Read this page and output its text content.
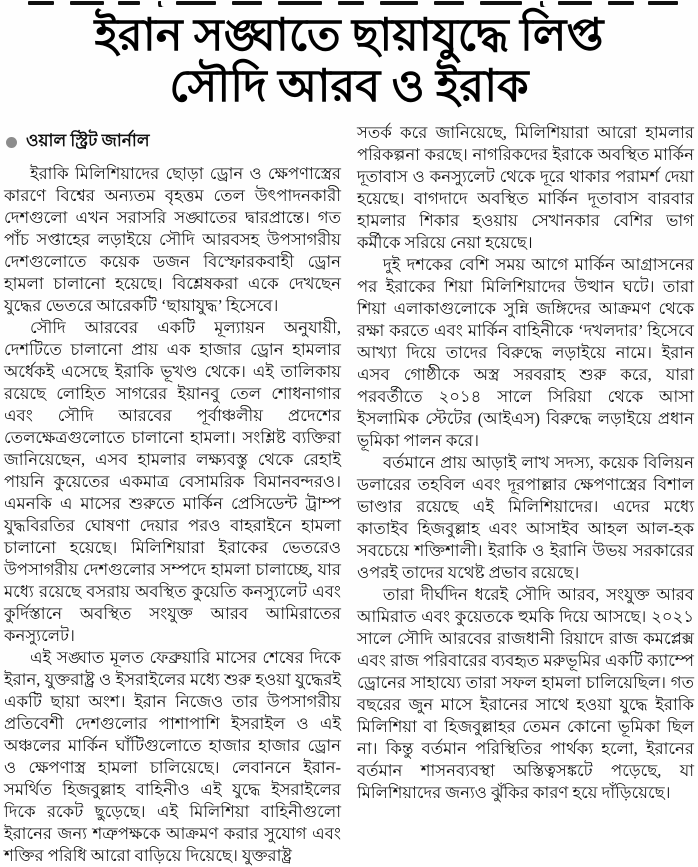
ইরান সঙ্ঘাতে ছায়াযুদ্ধে লিপ্ত
সৌদি আরব ও ইরাক
ওয়াল স্ট্রিট জার্নাল

ইরাকি মিলিশিয়াদের ছোড়া ড্রোন ও ক্ষেপণাস্ত্রের কারণে বিশ্বের অন্যতম বৃহত্তম তেল উৎপাদনকারী দেশগুলো এখন সরাসরি সঙ্ঘাতের দ্বারপ্রান্তে। গত পাঁচ সপ্তাহের লড়াইয়ে সৌদি আরবসহ উপসাগরীয় দেশগুলোতে কয়েক ডজন বিস্ফোরকবাহী ড্রোন হামলা চালানো হয়েছে। বিশ্লেষকরা একে দেখছেন যুদ্ধের ভেতরে আরেকটি ‘ছায়াযুদ্ধ’ হিসেবে।

সৌদি আরবের একটি মূল্যায়ন অনুযায়ী, দেশটিতে চালানো প্রায় এক হাজার ড্রোন হামলার অর্ধেকই এসেছে ইরাকি ভূখণ্ড থেকে। এই তালিকায় রয়েছে লোহিত সাগরের ইয়ানবু তেল শোধনাগার এবং সৌদি আরবের পূর্বাঞ্চলীয় প্রদেশের তেলক্ষেত্রগুলোতে চালানো হামলা। সংশ্লিষ্ট ব্যক্তিরা জানিয়েছেন, এসব হামলার লক্ষ্যবস্তু থেকে রেহাই পায়নি কুয়েতের একমাত্র বেসামরিক বিমানবন্দরও। এমনকি এ মাসের শুরুতে মার্কিন প্রেসিডেন্ট ট্রাম্প যুদ্ধবিরতির ঘোষণা দেয়ার পরও বাহরাইনে হামলা চালানো হয়েছে। মিলিশিয়ারা ইরাকের ভেতরেও উপসাগরীয় দেশগুলোর সম্পদে হামলা চালাচ্ছে, যার মধ্যে রয়েছে বসরায় অবস্থিত কুয়েতি কনস্যুলেট এবং কুর্দিস্তানে অবস্থিত সংযুক্ত আরব আমিরাতের কনস্যুলেট।

এই সঙ্ঘাত মূলত ফেব্রুয়ারি মাসের শেষের দিকে ইরান, যুক্তরাষ্ট্র ও ইসরাইলের মধ্যে শুরু হওয়া যুদ্ধেরই একটি ছায়া অংশ। ইরান নিজেও তার উপসাগরীয় প্রতিবেশী দেশগুলোর পাশাপাশি ইসরাইল ও এই অঞ্চলের মার্কিন ঘাঁটিগুলোতে হাজার হাজার ড্রোন ও ক্ষেপণাস্ত্র হামলা চালিয়েছে। লেবাননে ইরান-সমর্থিত হিজবুল্লাহ বাহিনীও এই যুদ্ধে ইসরাইলের দিকে রকেট ছুড়েছে। এই মিলিশিয়া বাহিনীগুলো ইরানের জন্য শত্রুপক্ষকে আক্রমণ করার সুযোগ এবং শক্তির পরিধি আরো বাড়িয়ে দিয়েছে। যুক্তরাষ্ট্র

সতর্ক করে জানিয়েছে, মিলিশিয়ারা আরো হামলার পরিকল্পনা করছে। নাগরিকদের ইরাকে অবস্থিত মার্কিন দূতাবাস ও কনস্যুলেট থেকে দূরে থাকার পরামর্শ দেয়া হয়েছে। বাগদাদে অবস্থিত মার্কিন দূতাবাস বারবার হামলার শিকার হওয়ায় সেখানকার বেশির ভাগ কর্মীকে সরিয়ে নেয়া হয়েছে।

দুই দশকের বেশি সময় আগে মার্কিন আগ্রাসনের পর ইরাকের শিয়া মিলিশিয়াদের উত্থান ঘটে। তারা শিয়া এলাকাগুলোকে সুন্নি জঙ্গিদের আক্রমণ থেকে রক্ষা করতে এবং মার্কিন বাহিনীকে ‘দখলদার’ হিসেবে আখ্যা দিয়ে তাদের বিরুদ্ধে লড়াইয়ে নামে। ইরান এসব গোষ্ঠীকে অস্ত্র সরবরাহ শুরু করে, যারা পরবর্তীতে ২০১৪ সালে সিরিয়া থেকে আসা ইসলামিক স্টেটের (আইএস) বিরুদ্ধে লড়াইয়ে প্রধান ভূমিকা পালন করে।

বর্তমানে প্রায় আড়াই লাখ সদস্য, কয়েক বিলিয়ন ডলারের তহবিল এবং দূরপাল্লার ক্ষেপণাস্ত্রের বিশাল ভাণ্ডার রয়েছে এই মিলিশিয়াদের। এদের মধ্যে কাতাইব হিজবুল্লাহ এবং আসাইব আহল আল-হক সবচেয়ে শক্তিশালী। ইরাকি ও ইরানি উভয় সরকারের ওপরই তাদের যথেষ্ট প্রভাব রয়েছে।

তারা দীর্ঘদিন ধরেই সৌদি আরব, সংযুক্ত আরব আমিরাত এবং কুয়েতকে হুমকি দিয়ে আসছে। ২০২১ সালে সৌদি আরবের রাজধানী রিয়াদে রাজ কমপ্লেক্স এবং রাজ পরিবারের ব্যবহৃত মরুভূমির একটি ক্যাম্পে ড্রোনের সাহায্যে তারা সফল হামলা চালিয়েছিল। গত বছরের জুন মাসে ইরানের সাথে হওয়া যুদ্ধে ইরাকি মিলিশিয়া বা হিজবুল্লাহর তেমন কোনো ভূমিকা ছিল না। কিন্তু বর্তমান পরিস্থিতির পার্থক্য হলো, ইরানের বর্তমান শাসনব্যবস্থা অস্তিত্বসঙ্কটে পড়েছে, যা মিলিশিয়াদের জন্যও ঝুঁকির কারণ হয়ে দাঁড়িয়েছে।
